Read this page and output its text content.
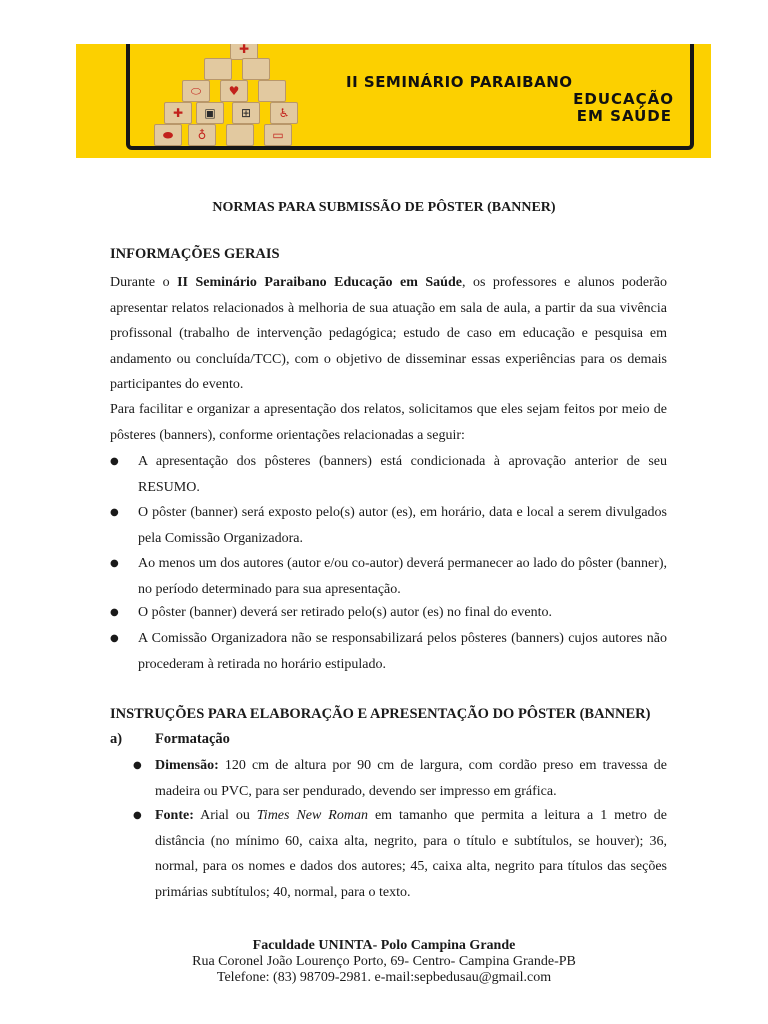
✚
⬭	♥
✚	▣	⊞	♿
⬬	♁	▭
II SEMINÁRIO PARAIBANO
EDUCAÇÃO
EM SAÚDE
NORMAS PARA SUBMISSÃO DE PÔSTER (BANNER)
INFORMAÇÕES GERAIS
Durante o II Seminário Paraibano Educação em Saúde, os professores e alunos poderão apresentar relatos relacionados à melhoria de sua atuação em sala de aula, a partir da sua vivência profissonal (trabalho de intervenção pedagógica; estudo de caso em educação e pesquisa em andamento ou concluída/TCC), com o objetivo de disseminar essas experiências para os demais participantes do evento.
Para facilitar e organizar a apresentação dos relatos, solicitamos que eles sejam feitos por meio de pôsteres (banners), conforme orientações relacionadas a seguir:
● A apresentação dos pôsteres (banners) está condicionada à aprovação anterior de seu RESUMO.
● O pôster (banner) será exposto pelo(s) autor (es), em horário, data e local a serem divulgados pela Comissão Organizadora.
● Ao menos um dos autores (autor e/ou co-autor) deverá permanecer ao lado do pôster (banner), no período determinado para sua apresentação.
● O pôster (banner) deverá ser retirado pelo(s) autor (es) no final do evento.
● A Comissão Organizadora não se responsabilizará pelos pôsteres (banners) cujos autores não procederam à retirada no horário estipulado.
INSTRUÇÕES PARA ELABORAÇÃO E APRESENTAÇÃO DO PÔSTER (BANNER)
a) Formatação
● Dimensão: 120 cm de altura por 90 cm de largura, com cordão preso em travessa de madeira ou PVC, para ser pendurado, devendo ser impresso em gráfica.
● Fonte: Arial ou Times New Roman em tamanho que permita a leitura a 1 metro de distância (no mínimo 60, caixa alta, negrito, para o título e subtítulos, se houver); 36, normal, para os nomes e dados dos autores; 45, caixa alta, negrito para títulos das seções primárias subtítulos; 40, normal, para o texto.
Faculdade UNINTA- Polo Campina Grande
Rua Coronel João Lourenço Porto, 69- Centro- Campina Grande-PB
Telefone: (83) 98709-2981. e-mail:sepbedusau@gmail.com
